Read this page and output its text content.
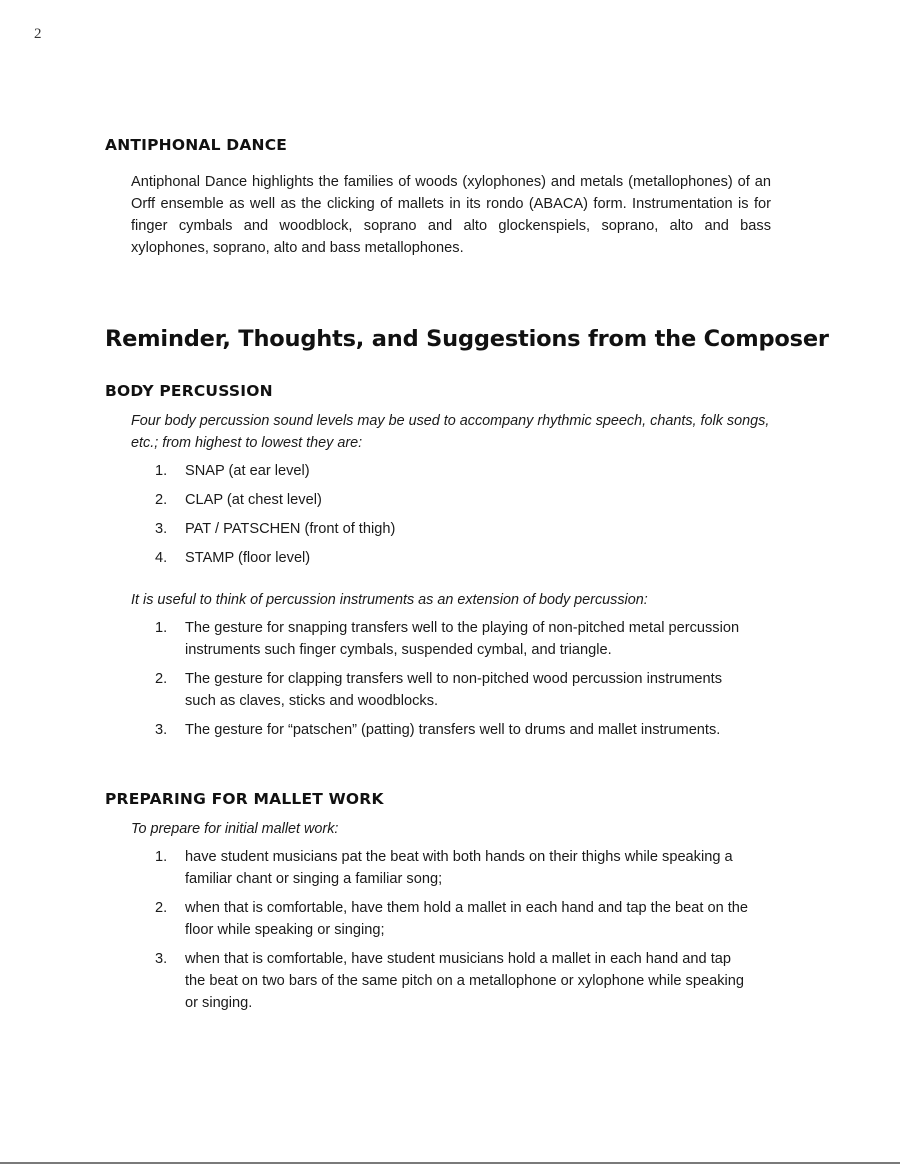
2
ANTIPHONAL DANCE

Antiphonal Dance highlights the families of woods (xylophones) and metals (metallophones) of an Orff ensemble as well as the clicking of mallets in its rondo (ABACA) form. Instrumentation is for finger cymbals and woodblock, soprano and alto glockenspiels, soprano, alto and bass xylophones, soprano, alto and bass metallophones.

Reminder, Thoughts, and Suggestions from the Composer
BODY PERCUSSION

Four body percussion sound levels may be used to accompany rhythmic speech, chants, folk songs, etc.; from highest to lowest they are:

1. SNAP (at ear level)
2. CLAP (at chest level)
3. PAT / PATSCHEN (front of thigh)
4. STAMP (floor level)

It is useful to think of percussion instruments as an extension of body percussion:

1. The gesture for snapping transfers well to the playing of non-pitched metal percussion instruments such finger cymbals, suspended cymbal, and triangle.
2. The gesture for clapping transfers well to non-pitched wood percussion instruments such as claves, sticks and woodblocks.
3. The gesture for “patschen” (patting) transfers well to drums and mallet instruments.
PREPARING FOR MALLET WORK

To prepare for initial mallet work:

1. have student musicians pat the beat with both hands on their thighs while speaking a familiar chant or singing a familiar song;
2. when that is comfortable, have them hold a mallet in each hand and tap the beat on the floor while speaking or singing;
3. when that is comfortable, have student musicians hold a mallet in each hand and tap the beat on two bars of the same pitch on a metallophone or xylophone while speaking or singing.
